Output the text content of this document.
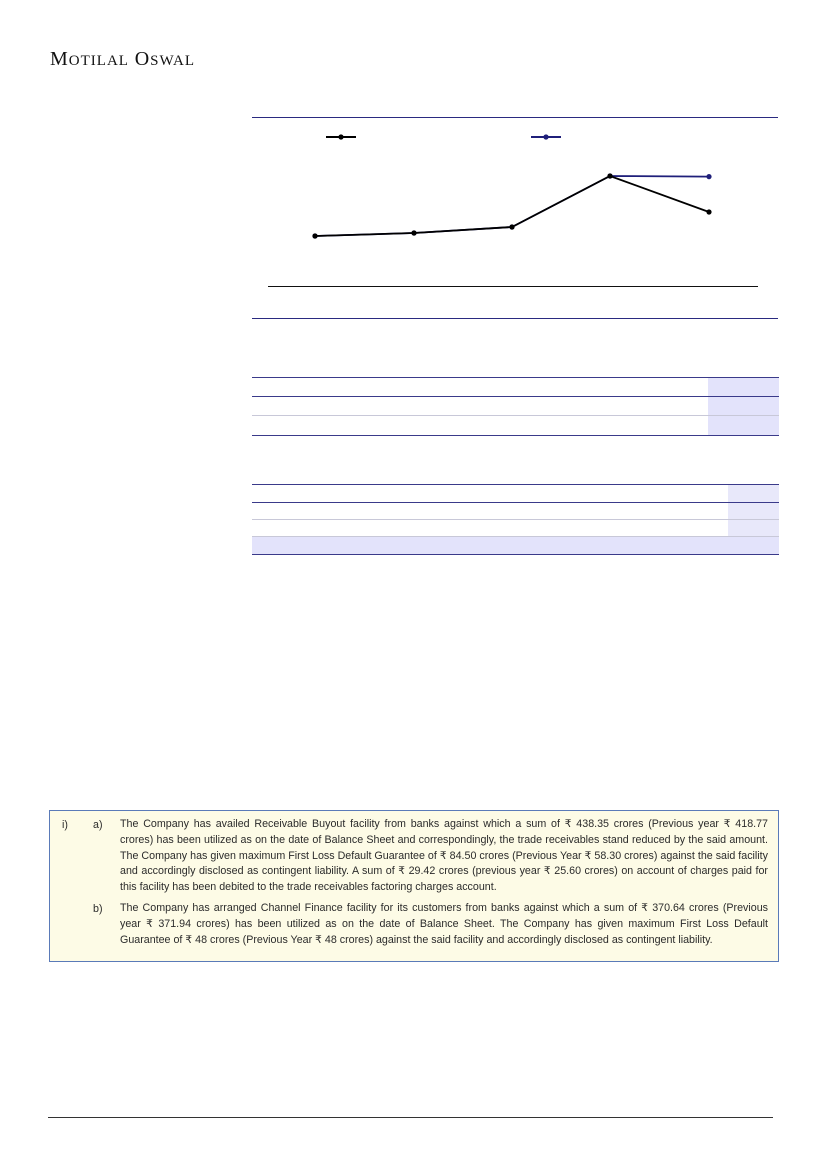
MOTILAL OSWAL
i) a) The Company has availed Receivable Buyout facility from banks against which a sum of ₹ 438.35 crores (Previous year ₹ 418.77 crores) has been utilized as on the date of Balance Sheet and correspondingly, the trade receivables stand reduced by the said amount. The Company has given maximum First Loss Default Guarantee of ₹ 84.50 crores (Previous Year ₹ 58.30 crores) against the said facility and accordingly disclosed as contingent liability. A sum of ₹ 29.42 crores (previous year ₹ 25.60 crores) on account of charges paid for this facility has been debited to the trade receivables factoring charges account.
b) The Company has arranged Channel Finance facility for its customers from banks against which a sum of ₹ 370.64 crores (Previous year ₹ 371.94 crores) has been utilized as on the date of Balance Sheet. The Company has given maximum First Loss Default Guarantee of ₹ 48 crores (Previous Year ₹ 48 crores) against the said facility and accordingly disclosed as contingent liability.
